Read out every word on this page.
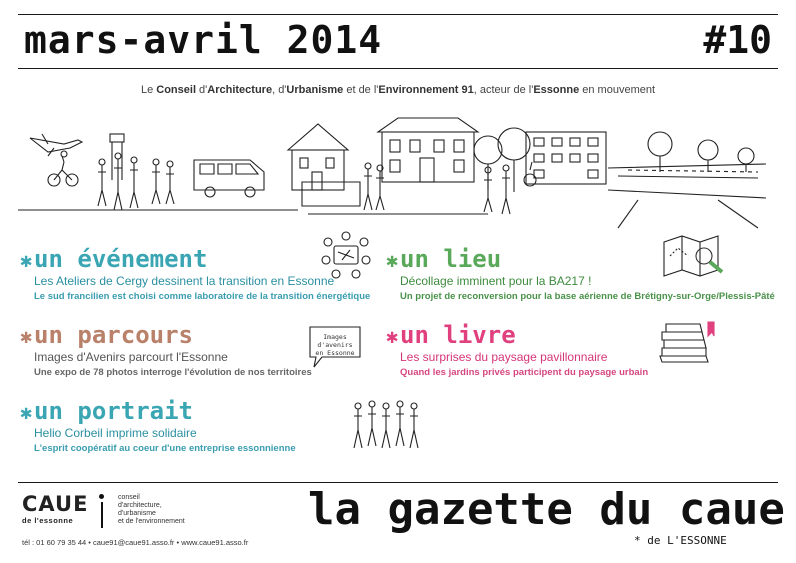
mars-avril 2014	#10
Le Conseil d'Architecture, d'Urbanisme et de l'Environnement 91, acteur de l'Essonne en mouvement
✱un événement
Les Ateliers de Cergy dessinent la transition en Essonne
Le sud francilien est choisi comme laboratoire de la transition énergétique
✱un lieu
Décollage imminent pour la BA217 !
Un projet de reconversion pour la base aérienne de Brétigny-sur-Orge/Plessis-Pâté
✱un parcours
Images d'Avenirs parcourt l'Essonne
Une expo de 78 photos interroge l'évolution de nos territoires
Images d'avenirs en Essonne
✱un livre
Les surprises du paysage pavillonnaire
Quand les jardins privés participent du paysage urbain
✱un portrait
Helio Corbeil imprime solidaire
L'esprit coopératif au coeur d'une entreprise essonnienne
CAUE
de l'essonne
conseil
d'architecture,
d'urbanisme
et de l'environnement
tél : 01 60 79 35 44 • caue91@caue91.asso.fr • www.caue91.asso.fr
la gazette du caue
* de L'ESSONNE
